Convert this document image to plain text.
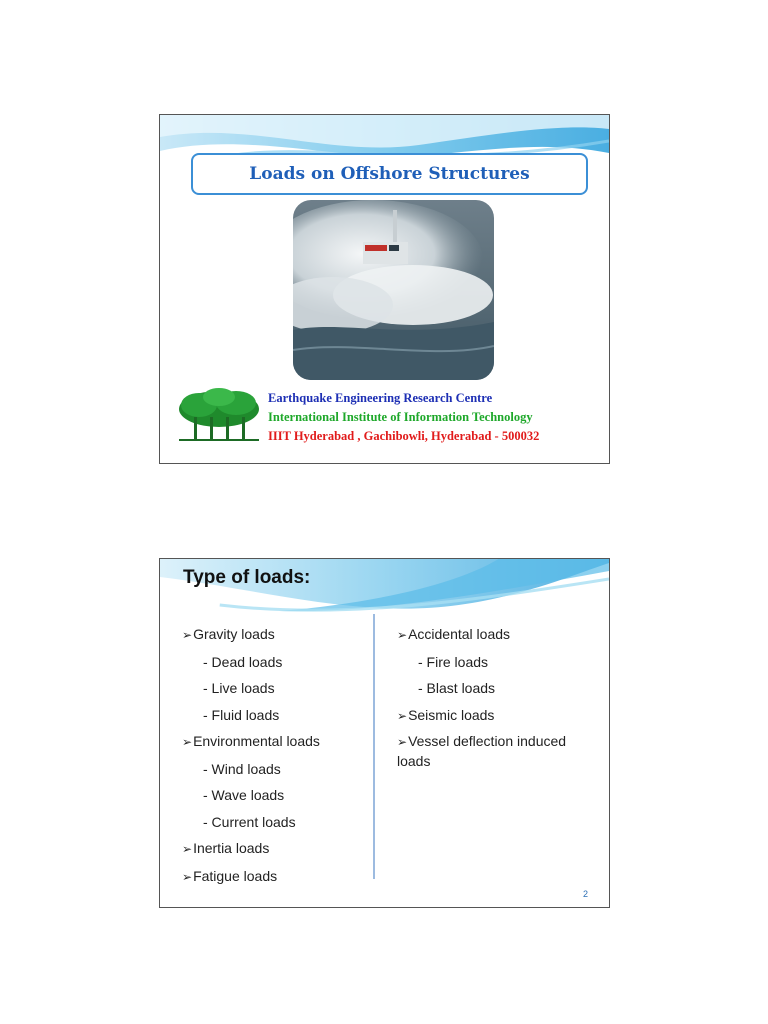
Loads on Offshore Structures
Earthquake Engineering Research Centre
International Institute of Information Technology
IIIT Hyderabad , Gachibowli, Hyderabad - 500032
Type of loads:
➢Gravity loads
- Dead loads
- Live loads
- Fluid loads
➢Environmental loads
- Wind loads
- Wave loads
- Current loads
➢Inertia loads
➢Fatigue loads
➢Accidental loads
- Fire loads
- Blast loads
➢Seismic loads
➢Vessel deflection induced loads
2
